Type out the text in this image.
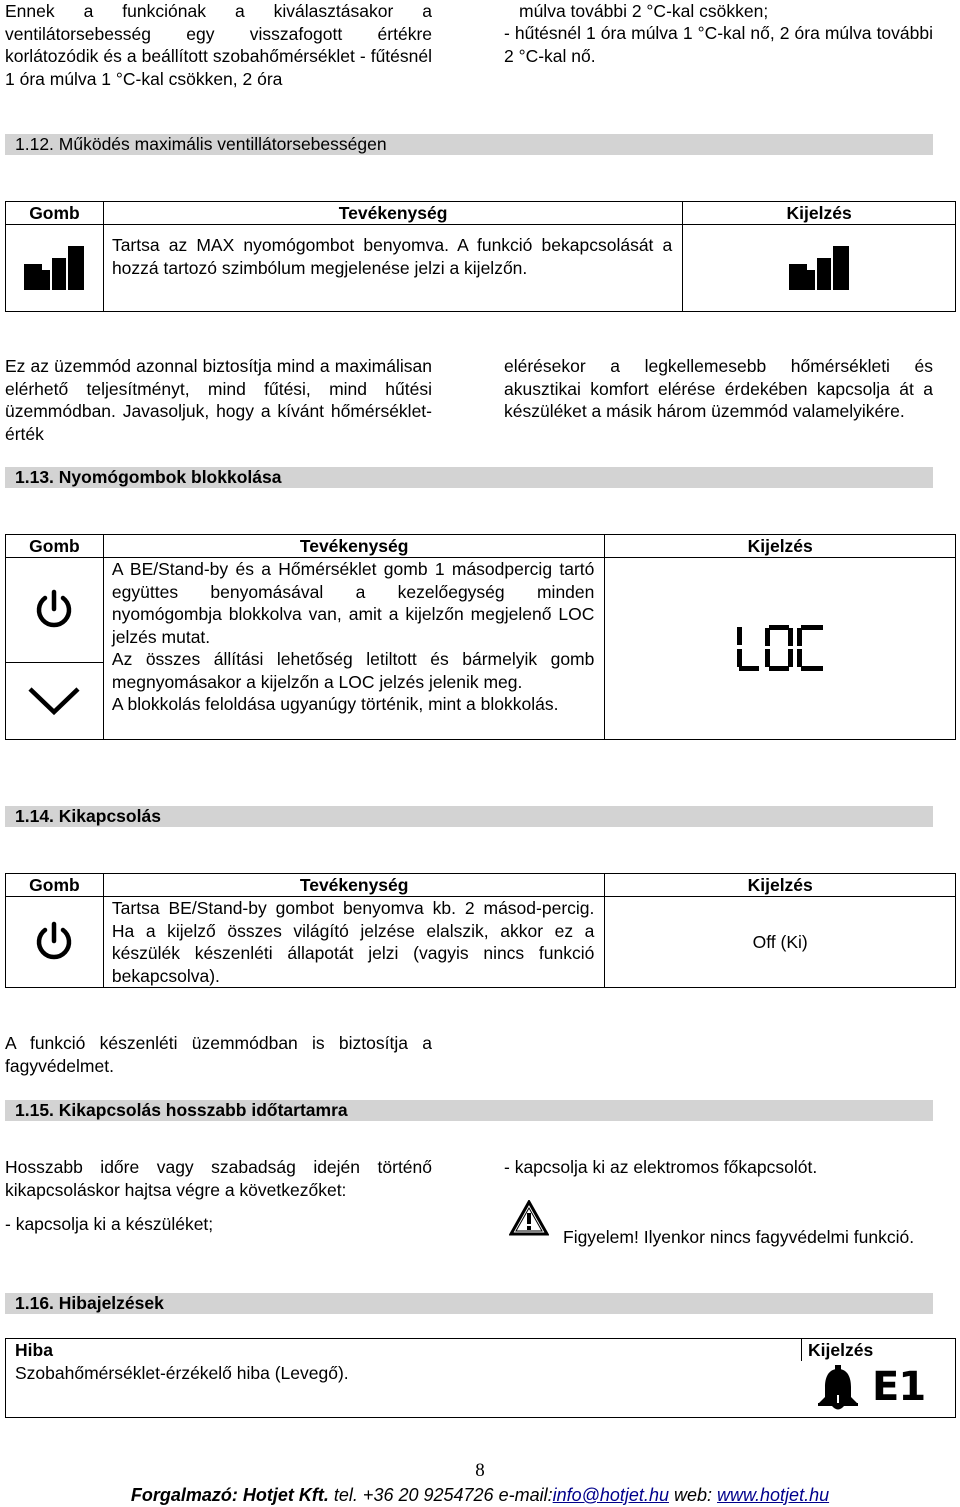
Ennek a funkciónak a kiválasztásakor a ventilátorsebesség egy visszafogott értékre korlátozódik és a beállított szobahőmérséklet - fűtésnél 1 óra múlva 1 °C-kal csökken, 2 óra
múlva további 2 °C-kal csökken;
- hűtésnél 1 óra múlva 1 °C-kal nő, 2 óra múlva további 2 °C-kal nő.
1.12. Működés maximális ventillátorsebességen
Gomb	Tevékenység	Kijelzés

Tartsa az MAX nyomógombot benyomva. A funkció bekapcsolását a hozzá tartozó szimbólum megjelenése jelzi a kijelzőn.

Ez az üzemmód azonnal biztosítja mind a maximálisan elérhető teljesítményt, mind fűtési, mind hűtési üzemmódban. Javasoljuk, hogy a kívánt hőmérséklet-érték
elérésekor a legkellemesebb hőmérsékleti és akusztikai komfort elérése érdekében kapcsolja át a készüléket a másik három üzemmód valamelyikére.
1.13. Nyomógombok blokkolása
Gomb	Tevékenység	Kijelzés

A BE/Stand-by és a Hőmérséklet gomb 1 másodpercig tartó együttes benyomásával a kezelőegység minden nyomógombja blokkolva van, amit a kijelzőn megjelenő LOC jelzés mutat.
Az összes állítási lehetőség letiltott és bármelyik gomb megnyomásakor a kijelzőn a LOC jelzés jelenik meg.
A blokkolás feloldása ugyanúgy történik, mint a blokkolás.

1.14. Kikapcsolás
Gomb	Tevékenység	Kijelzés

Tartsa BE/Stand-by gombot benyomva kb. 2 másod-percig. Ha a kijelző összes világító jelzése elalszik, akkor ez a készülék készenléti állapotát jelzi (vagyis nincs funkció bekapcsolva).	Off (Ki)
A funkció készenléti üzemmódban is biztosítja a fagyvédelmet.
1.15. Kikapcsolás hosszabb időtartamra
Hosszabb időre vagy szabadság idején történő kikapcsoláskor hajtsa végre a következőket:
- kapcsolja ki a készüléket;
- kapcsolja ki az elektromos főkapcsolót.
Figyelem! Ilyenkor nincs fagyvédelmi funkció.
1.16. Hibajelzések
Hiba	Kijelzés
Szobahőmérséklet-érzékelő hiba (Levegő).	E1
8
Forgalmazó: Hotjet Kft. tel. +36 20 9254726 e-mail:info@hotjet.hu web: www.hotjet.hu
